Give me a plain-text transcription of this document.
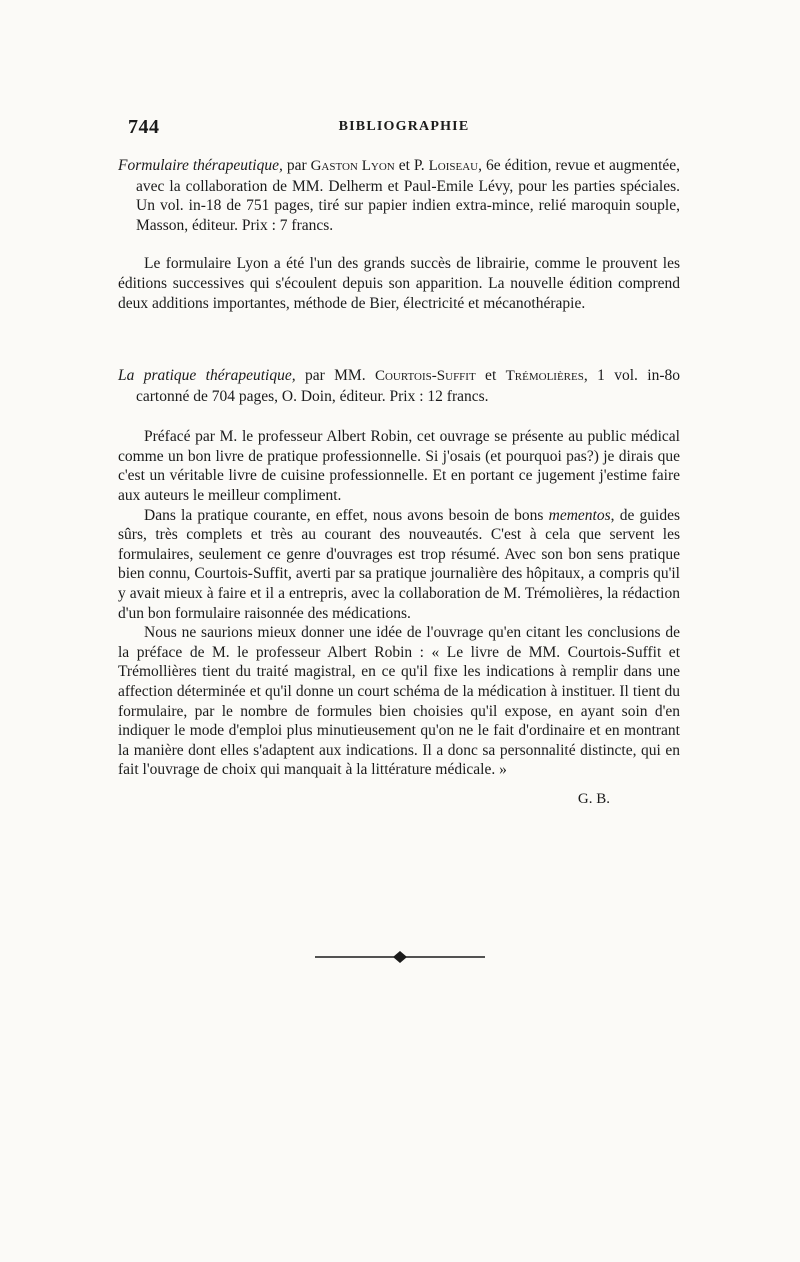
744	BIBLIOGRAPHIE

Formulaire thérapeutique, par Gaston Lyon et P. Loiseau, 6e édition, revue et augmentée, avec la collaboration de MM. Delherm et Paul-Emile Lévy, pour les parties spéciales. Un vol. in-18 de 751 pages, tiré sur papier indien extra-mince, relié maroquin souple, Masson, éditeur. Prix : 7 francs.

Le formulaire Lyon a été l'un des grands succès de librairie, comme le prouvent les éditions successives qui s'écoulent depuis son apparition. La nouvelle édition comprend deux additions importantes, méthode de Bier, électricité et mécanothérapie.

La pratique thérapeutique, par MM. Courtois-Suffit et Trémolières, 1 vol. in-8o cartonné de 704 pages, O. Doin, éditeur. Prix : 12 francs.

Préfacé par M. le professeur Albert Robin, cet ouvrage se présente au public médical comme un bon livre de pratique professionnelle. Si j'osais (et pourquoi pas?) je dirais que c'est un véritable livre de cuisine professionnelle. Et en portant ce jugement j'estime faire aux auteurs le meilleur compliment.

Dans la pratique courante, en effet, nous avons besoin de bons mementos, de guides sûrs, très complets et très au courant des nouveautés. C'est à cela que servent les formulaires, seulement ce genre d'ouvrages est trop résumé. Avec son bon sens pratique bien connu, Courtois-Suffit, averti par sa pratique journalière des hôpitaux, a compris qu'il y avait mieux à faire et il a entrepris, avec la collaboration de M. Trémolières, la rédaction d'un bon formulaire raisonnée des médications.

Nous ne saurions mieux donner une idée de l'ouvrage qu'en citant les conclusions de la préface de M. le professeur Albert Robin : « Le livre de MM. Courtois-Suffit et Trémollières tient du traité magistral, en ce qu'il fixe les indications à remplir dans une affection déterminée et qu'il donne un court schéma de la médication à instituer. Il tient du formulaire, par le nombre de formules bien choisies qu'il expose, en ayant soin d'en indiquer le mode d'emploi plus minutieusement qu'on ne le fait d'ordinaire et en montrant la manière dont elles s'adaptent aux indications. Il a donc sa personnalité distincte, qui en fait l'ouvrage de choix qui manquait à la littérature médicale. »

G. B.
